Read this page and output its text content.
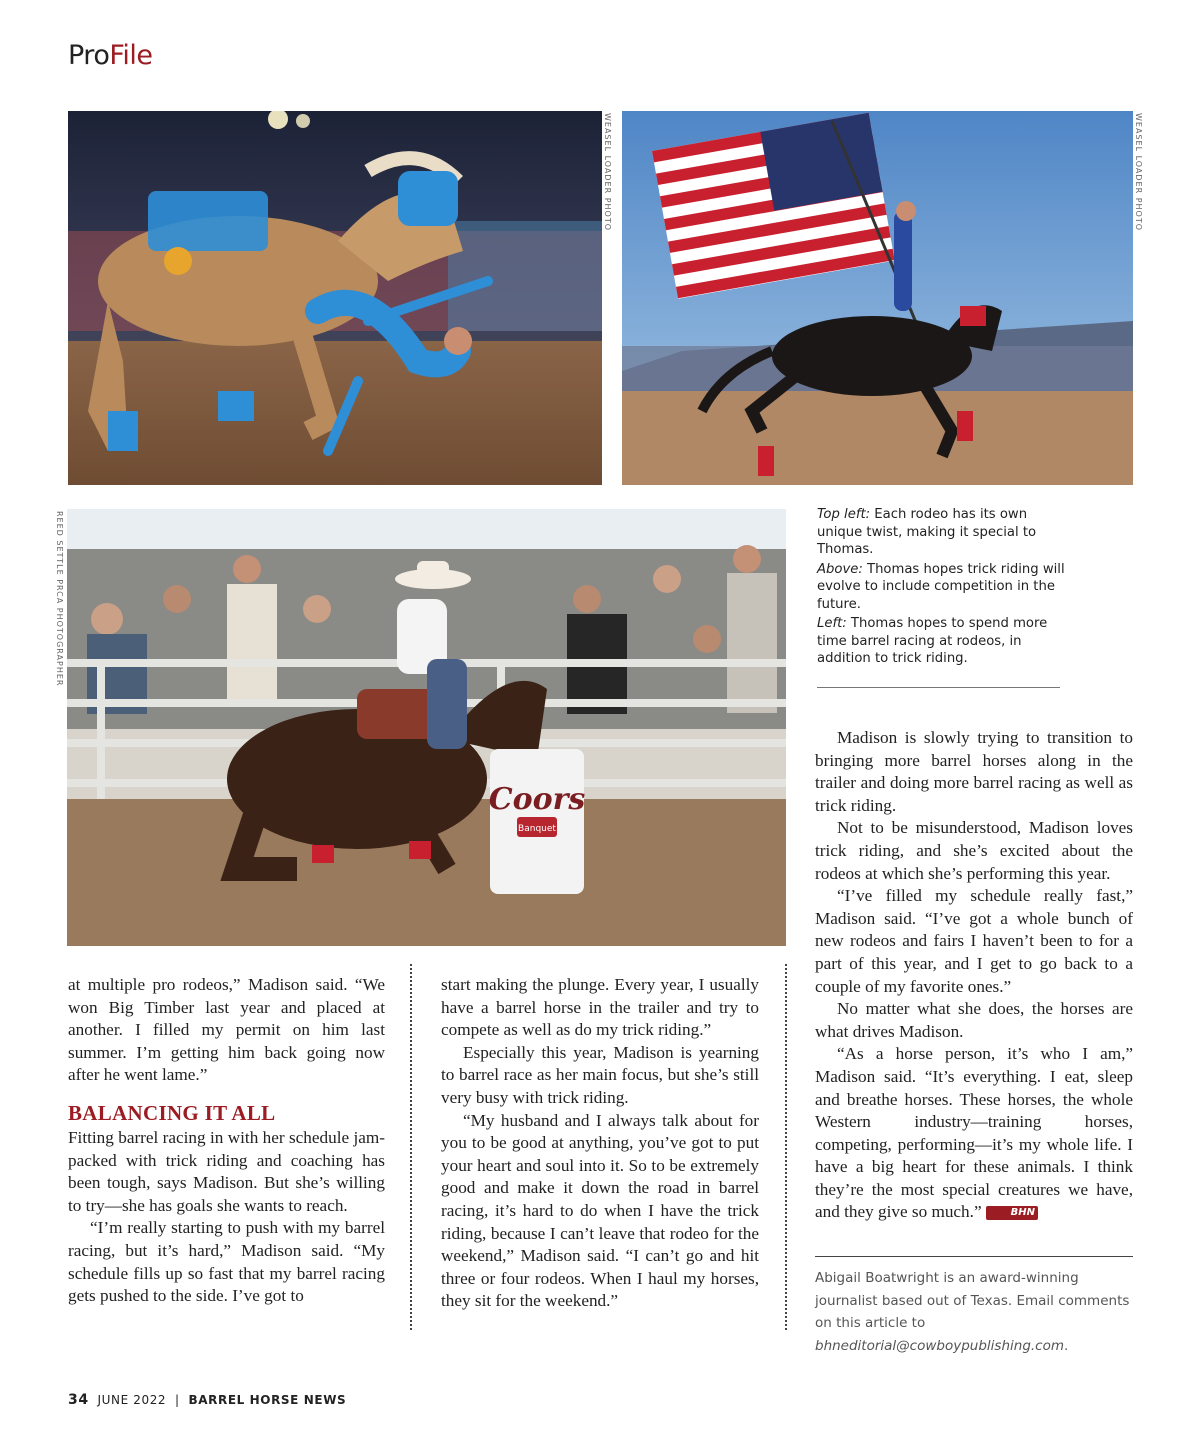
ProFile
WEASEL LOADER PHOTO	WEASEL LOADER PHOTO
REED SETTLE PRCA PHOTOGRAPHER
Coors
Banquet

Top left: Each rodeo has its own unique twist, making it special to Thomas.

Above: Thomas hopes trick riding will evolve to include competition in the future.

Left: Thomas hopes to spend more time barrel racing at rodeos, in addition to trick riding.

at multiple pro rodeos,” Madison said. “We won Big Timber last year and placed at another. I filled my permit on him last summer. I’m getting him back going now after he went lame.”

BALANCING IT ALL

Fitting barrel racing in with her schedule jam-packed with trick riding and coaching has been tough, says Madison. But she’s willing to try—she has goals she wants to reach.

“I’m really starting to push with my barrel racing, but it’s hard,” Madison said. “My schedule fills up so fast that my barrel racing gets pushed to the side. I’ve got to

start making the plunge. Every year, I usually have a barrel horse in the trailer and try to compete as well as do my trick riding.”

Especially this year, Madison is yearning to barrel race as her main focus, but she’s still very busy with trick riding.

“My husband and I always talk about for you to be good at anything, you’ve got to put your heart and soul into it. So to be extremely good and make it down the road in barrel racing, it’s hard to do when I have the trick riding, because I can’t leave that rodeo for the weekend,” Madison said. “I can’t go and hit three or four rodeos. When I haul my horses, they sit for the weekend.”

Madison is slowly trying to transition to bringing more barrel horses along in the trailer and doing more barrel racing as well as trick riding.

Not to be misunderstood, Madison loves trick riding, and she’s excited about the rodeos at which she’s performing this year.

“I’ve filled my schedule really fast,” Madison said. “I’ve got a whole bunch of new rodeos and fairs I haven’t been to for a part of this year, and I get to go back to a couple of my favorite ones.”

No matter what she does, the horses are what drives Madison.

“As a horse person, it’s who I am,” Madison said. “It’s everything. I eat, sleep and breathe horses. These horses, the whole Western industry—training horses, competing, performing—it’s my whole life. I have a big heart for these animals. I think they’re the most special creatures we have, and they give so much.”	BHN

Abigail Boatwright is an award-winning journalist based out of Texas. Email comments on this article to bhneditorial@cowboypublishing.com.
34 JUNE 2022 | BARREL HORSE NEWS
